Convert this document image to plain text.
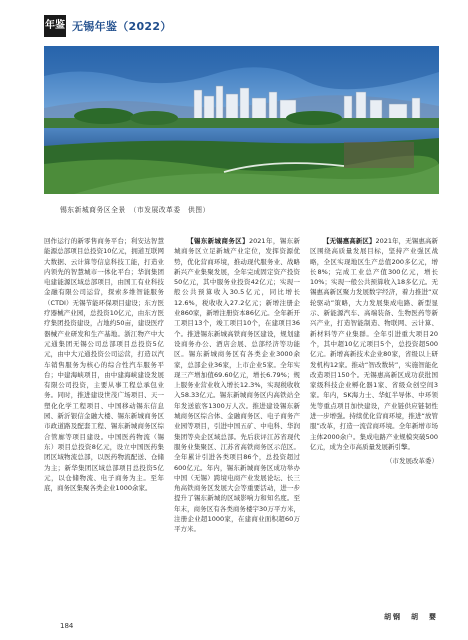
年鉴 无锡年鉴（2022）
锡东新城商务区全景　（市发展改革委　供图）

回作运行的新零售商务平台；利安达智慧能源总部项目总投资10亿元，拥道互联网大数据、云计算等信息科技工能，打造业内领先的智慧城市一体化平台；华润集团电建能源区域总部项目，由国工有业科技金融有限公司运营，探索多维智能服务（CTDI）无锡节能环保项目建设；东方医疗器械产业园，总投资10亿元，由东方医疗集团投资建设，占地约50亩，建设医疗器械产业研发和生产基地。浙江物产中大元通集团无锡公司总部项目总投资5亿元，由中大元通投资公司运营，打造以汽车销售服务为核心的综合性汽车服务平台；中建海峡项目，由中建海峡建设发展有限公司投资，主要从事工程总承包业务。同时，推进建设世茂广场项目、天一塑化化学工程项目、中国移动锡东信息园、新沂银信金融大楼、锡东新城商务区市政道路及配套工程、锡东新城商务区综合管廊等项目建设。中国医药物流（锡东）项目总投资8亿元，设立中国医药集团区域物流总部，以医药物流配送、仓储为主；新华集团区域总部项目总投资5亿元，以仓储物流、电子商务为主。至年底，商务区集聚各类企业1000余家。

【锡东新城商务区】2021年，锡东新城商务区立足新城产业定位，发挥资源优势，优化营商环境，推动现代服务业、战略新兴产业集聚发展，全年完成固定资产投资50亿元，其中服务业投资42亿元；实现一般公共预算收入30.5亿元，同比增长12.6%，税收收入27.2亿元；新增注册企业860家，新增注册资本86亿元。全年新开工项目13个，竣工项目10个，在建项目36个。推进锡东新城高铁商务区建设，规划建设商务办公、酒店会展、总部经济等功能区。锡东新城商务区有各类企业3000余家，总部企业36家，上市企业5家。全年实现三产增加值69.60亿元，增长6.79%；规上服务业营业收入增长12.3%，实现税收收入58.33亿元。锡东新城商务区内高铁站全年发送旅客1300万人次。推进建设锡东新城商务区综合体、金融商务区、电子商务产业园等项目，引进中国五矿、中电科、华润集团等央企区域总部。先后获评江苏省现代服务业集聚区、江苏省高铁商务区示范区。全年累计引进各类项目86个，总投资超过600亿元。年内，锡东新城商务区成功举办中国（无锡）跨境电商产业发展论坛、长三角高铁商务区发展大会等重要活动，进一步提升了锡东新城的区域影响力和知名度。至年末，商务区有各类商务楼宇30万平方米，注册企业超1000家，在建商业面积超60万平方米。

【无锡惠高新区】2021年，无锡惠高新区围绕高质量发展目标，坚持产业强区战略，全区实现地区生产总值200多亿元，增长8%；完成工业总产值300亿元，增长10%；实现一般公共预算收入18多亿元。无锡惠高新区聚力发展数字经济，着力推进“双轮驱动”策略，大力发展集成电路、新型显示、新能源汽车、高端装备、生物医药等新兴产业，打造智能制造、物联网、云计算、新材料等产业集群。全年引进重大项目20个，其中超10亿元项目5个，总投资超500亿元。新增高新技术企业80家，省级以上研发机构12家。推动“智改数转”，实施智能化改造项目150个。无锡惠高新区成功获批国家级科技企业孵化器1家、省级众创空间3家。年内，SK海力士、华虹半导体、中环领先等重点项目加快建设，产业链供应链韧性进一步增强。持续优化营商环境，推进“放管服”改革，打造一流营商环境。全年新增市场主体2000余户。集成电路产业规模突破500亿元，成为全市高质量发展新引擎。

（市发展改革委）
胡钢　胡　婴
184
